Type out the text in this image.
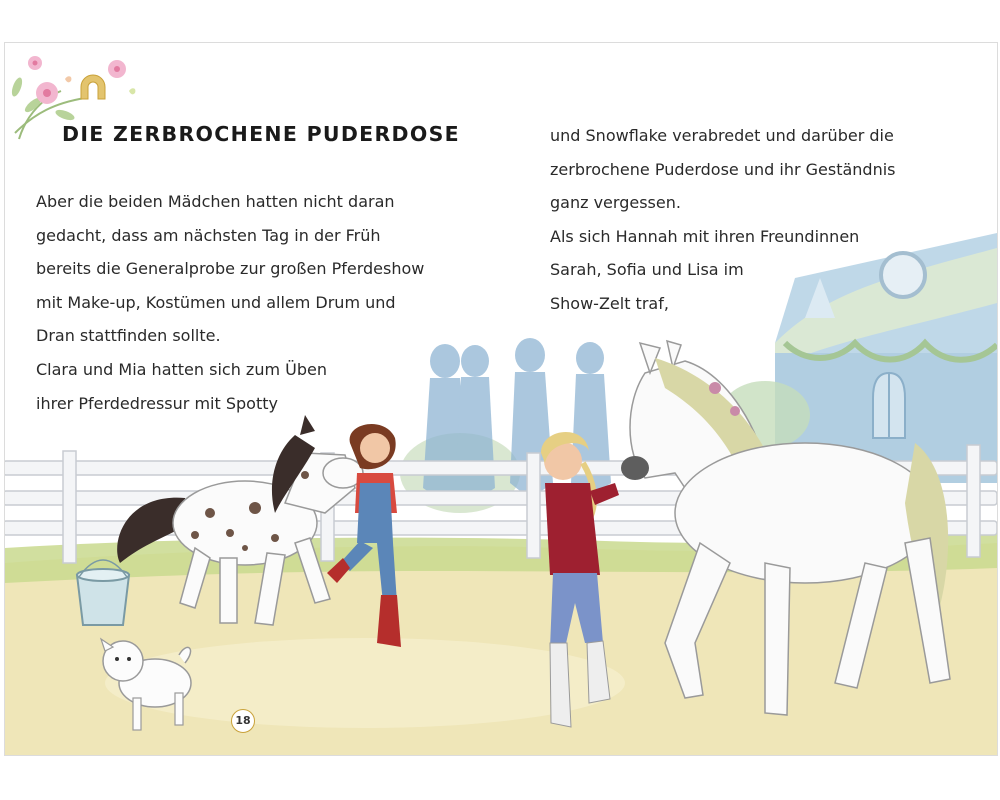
DIE ZERBROCHENE PUDERDOSE

Aber die beiden Mädchen hatten nicht daran

gedacht, dass am nächsten Tag in der Früh

bereits die Generalprobe zur großen Pferdeshow

mit Make-up, Kostümen und allem Drum und

Dran stattfinden sollte.

Clara und Mia hatten sich zum Üben

ihrer Pferdedressur mit Spotty

und Snowflake verabredet und darüber die

zerbrochene Puderdose und ihr Geständnis

ganz vergessen.

Als sich Hannah mit ihren Freundinnen

Sarah, Sofia und Lisa im

Show-Zelt traf,

18
